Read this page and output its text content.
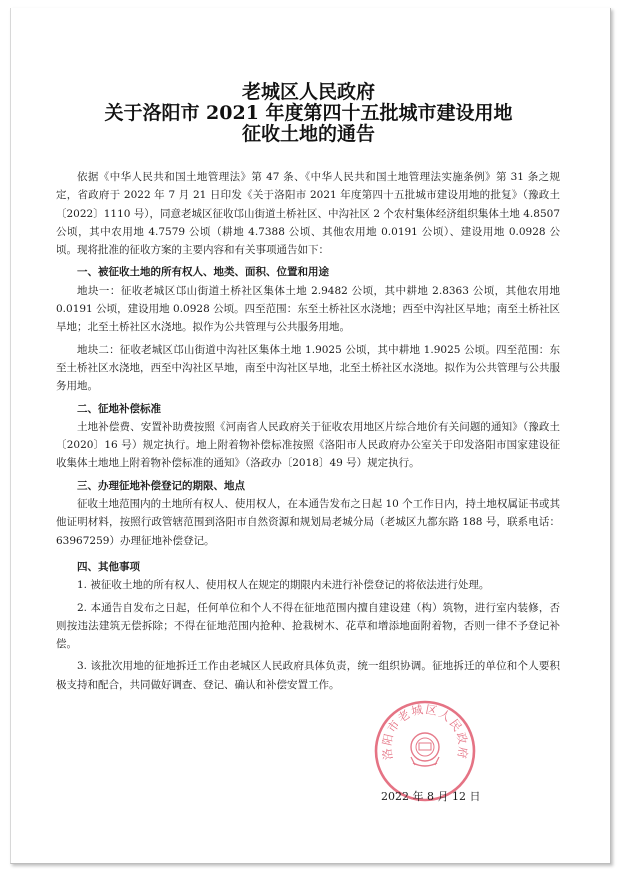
老城区人民政府
关于洛阳市 2021 年度第四十五批城市建设用地
征收土地的通告

依据《中华人民共和国土地管理法》第 47 条、《中华人民共和国土地管理法实施条例》第 31 条之规定，省政府于 2022 年 7 月 21 日印发《关于洛阳市 2021 年度第四十五批城市建设用地的批复》（豫政土〔2022〕1110 号），同意老城区征收邙山街道土桥社区、中沟社区 2 个农村集体经济组织集体土地 4.8507 公顷，其中农用地 4.7579 公顷（耕地 4.7388 公顷、其他农用地 0.0191 公顷）、建设用地 0.0928 公顷。现将批准的征收方案的主要内容和有关事项通告如下：

一、被征收土地的所有权人、地类、面积、位置和用途

地块一：征收老城区邙山街道土桥社区集体土地 2.9482 公顷，其中耕地 2.8363 公顷，其他农用地 0.0191 公顷，建设用地 0.0928 公顷。四至范围：东至土桥社区水浇地；西至中沟社区旱地；南至土桥社区旱地；北至土桥社区水浇地。拟作为公共管理与公共服务用地。

地块二：征收老城区邙山街道中沟社区集体土地 1.9025 公顷，其中耕地 1.9025 公顷。四至范围：东至土桥社区水浇地，西至中沟社区旱地，南至中沟社区旱地，北至土桥社区水浇地。拟作为公共管理与公共服务用地。

二、征地补偿标准

土地补偿费、安置补助费按照《河南省人民政府关于征收农用地区片综合地价有关问题的通知》（豫政土〔2020〕16 号）规定执行。地上附着物补偿标准按照《洛阳市人民政府办公室关于印发洛阳市国家建设征收集体土地地上附着物补偿标准的通知》（洛政办〔2018〕49 号）规定执行。

三、办理征地补偿登记的期限、地点

征收土地范围内的土地所有权人、使用权人，在本通告发布之日起 10 个工作日内，持土地权属证书或其他证明材料，按照行政管辖范围到洛阳市自然资源和规划局老城分局（老城区九都东路 188 号，联系电话：63967259）办理征地补偿登记。

四、其他事项

1. 被征收土地的所有权人、使用权人在规定的期限内未进行补偿登记的将依法进行处理。

2. 本通告自发布之日起，任何单位和个人不得在征地范围内擅自建设建（构）筑物，进行室内装修，否则按违法建筑无偿拆除；不得在征地范围内抢种、抢栽树木、花草和增添地面附着物，否则一律不予登记补偿。

3. 该批次用地的征地拆迁工作由老城区人民政府具体负责，统一组织协调。征地拆迁的单位和个人要积极支持和配合，共同做好调查、登记、确认和补偿安置工作。

洛阳市老城区人民政府
2022 年 8 月 12 日
